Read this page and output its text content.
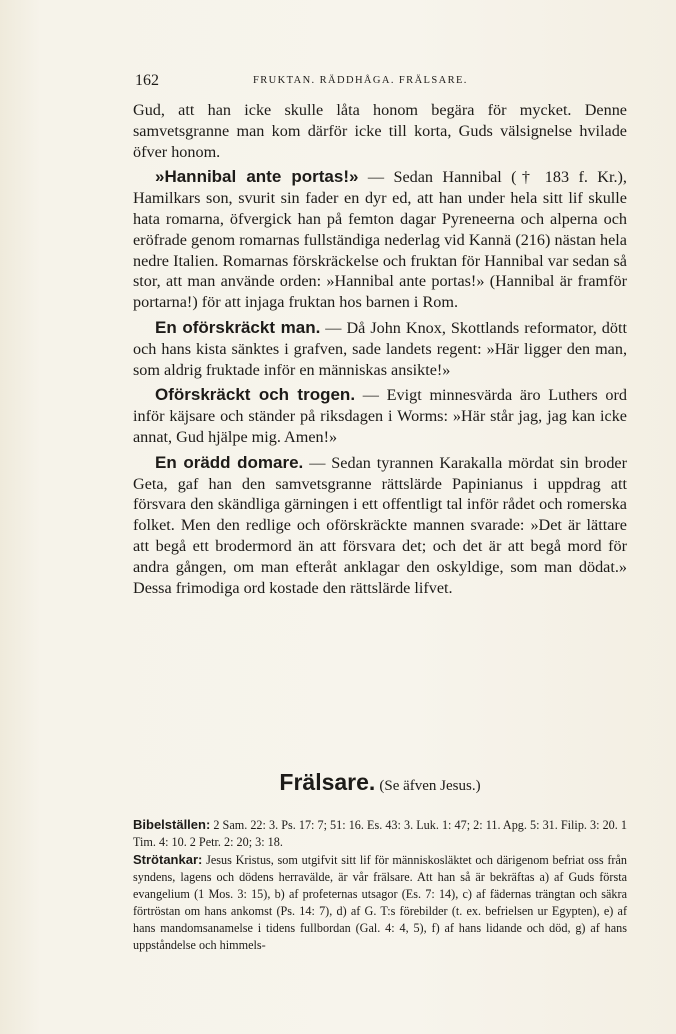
162	FRUKTAN. RÄDDHÅGA. FRÄLSARE.

Gud, att han icke skulle låta honom begära för mycket. Denne samvetsgranne man kom därför icke till korta, Guds välsignelse hvilade öfver honom.

»Hannibal ante portas!» — Sedan Hannibal († 183 f. Kr.), Hamilkars son, svurit sin fader en dyr ed, att han under hela sitt lif skulle hata romarna, öfvergick han på femton dagar Pyreneerna och alperna och eröfrade genom romarnas fullständiga nederlag vid Kannä (216) nästan hela nedre Italien. Romarnas förskräckelse och fruktan för Hannibal var sedan så stor, att man använde orden: »Hannibal ante portas!» (Hannibal är framför portarna!) för att injaga fruktan hos barnen i Rom.

En oförskräckt man. — Då John Knox, Skottlands reformator, dött och hans kista sänktes i grafven, sade landets regent: »Här ligger den man, som aldrig fruktade inför en människas ansikte!»

Oförskräckt och trogen. — Evigt minnesvärda äro Luthers ord inför käjsare och ständer på riksdagen i Worms: »Här står jag, jag kan icke annat, Gud hjälpe mig. Amen!»

En orädd domare. — Sedan tyrannen Karakalla mördat sin broder Geta, gaf han den samvetsgranne rättslärde Papinianus i uppdrag att försvara den skändliga gärningen i ett offentligt tal inför rådet och romerska folket. Men den redlige och oförskräckte mannen svarade: »Det är lättare att begå ett brodermord än att försvara det; och det är att begå mord för andra gången, om man efteråt anklagar den oskyldige, som man dödat.» Dessa frimodiga ord kostade den rättslärde lifvet.

Frälsare. (Se äfven Jesus.)

Bibelställen: 2 Sam. 22: 3. Ps. 17: 7; 51: 16. Es. 43: 3. Luk. 1: 47; 2: 11. Apg. 5: 31. Filip. 3: 20. 1 Tim. 4: 10. 2 Petr. 2: 20; 3: 18.

Strötankar: Jesus Kristus, som utgifvit sitt lif för människosläktet och därigenom befriat oss från syndens, lagens och dödens herravälde, är vår frälsare. Att han så är bekräftas a) af Guds första evangelium (1 Mos. 3: 15), b) af profeternas utsagor (Es. 7: 14), c) af fädernas trängtan och säkra förtröstan om hans ankomst (Ps. 14: 7), d) af G. T:s förebilder (t. ex. befrielsen ur Egypten), e) af hans mandomsanamelse i tidens fullbordan (Gal. 4: 4, 5), f) af hans lidande och död, g) af hans uppståndelse och himmels-
